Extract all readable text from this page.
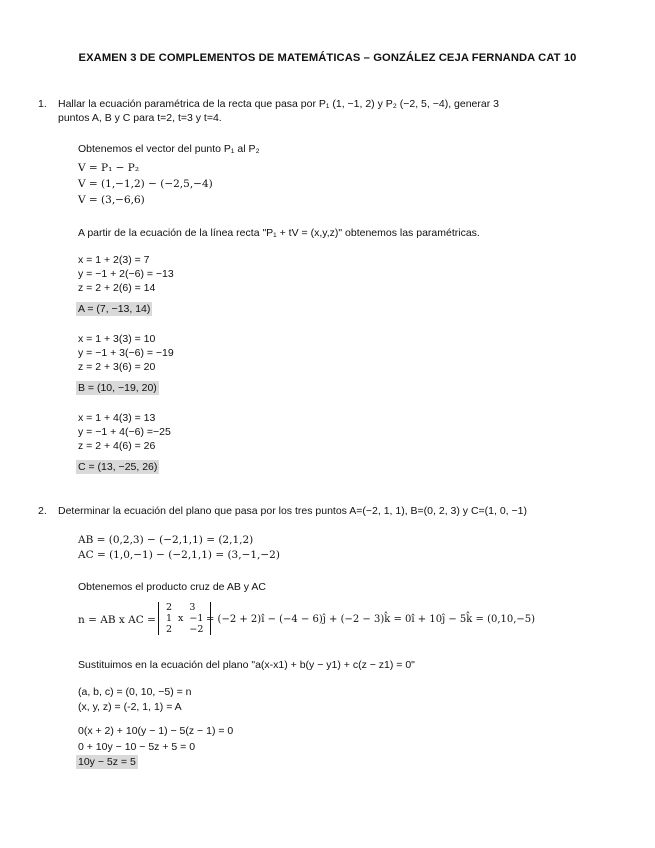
EXAMEN 3 DE COMPLEMENTOS DE MATEMÁTICAS – GONZÁLEZ CEJA FERNANDA CAT 10
1. Hallar la ecuación paramétrica de la recta que pasa por P₁ (1, −1, 2) y P₂ (−2, 5, −4), generar 3
puntos A, B y C para t=2, t=3 y t=4.
Obtenemos el vector del punto P₁ al P₂
V = P₁ − P₂
V = (1,−1,2) − (−2,5,−4)
V = (3,−6,6)
A partir de la ecuación de la línea recta "P₁ + tV = (x,y,z)" obtenemos las paramétricas.
x = 1 + 2(3) = 7
y = −1 + 2(−6) = −13
z = 2 + 2(6) = 14
A = (7, −13, 14)
x = 1 + 3(3) = 10
y = −1 + 3(−6) = −19
z = 2 + 3(6) = 20
B = (10, −19, 20)
x = 1 + 4(3) = 13
y = −1 + 4(−6) =−25
z = 2 + 4(6) = 26
C = (13, −25, 26)
2. Determinar la ecuación del plano que pasa por los tres puntos A=(−2, 1, 1), B=(0, 2, 3) y C=(1, 0, −1)
AB = (0,2,3) − (−2,1,1) = (2,1,2)
AC = (1,0,−1) − (−2,1,1) = (3,−1,−2)
Obtenemos el producto cruz de AB y AC
n = AB x AC =
2		3
1	x	−1
2		−2
= (−2 + 2)î − (−4 − 6)ĵ + (−2 − 3)k̂ = 0î + 10ĵ − 5k̂ = (0,10,−5)
Sustituimos en la ecuación del plano "a(x-x1) + b(y − y1) + c(z − z1) = 0"
(a, b, c) = (0, 10, −5) = n
(x, y, z) = (-2, 1, 1) = A
0(x + 2) + 10(y − 1) − 5(z − 1) = 0
0 + 10y − 10 − 5z + 5 = 0
10y − 5z = 5
